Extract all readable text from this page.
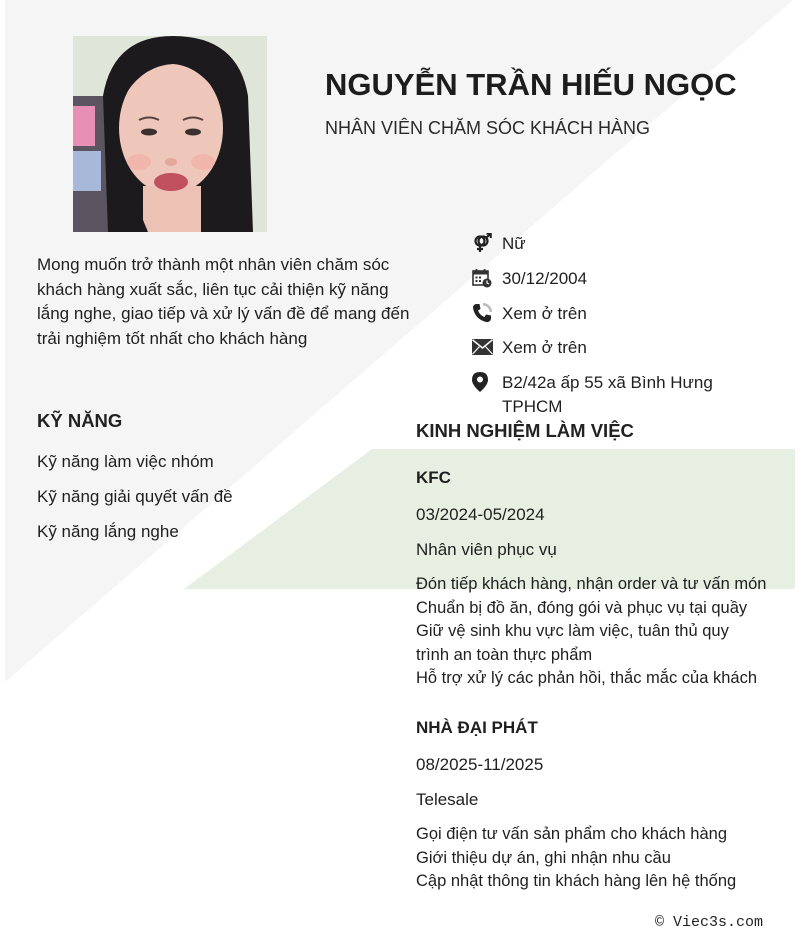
NGUYỄN TRẦN HIẾU NGỌC
NHÂN VIÊN CHĂM SÓC KHÁCH HÀNG
Mong muốn trở thành một nhân viên chăm sóc khách hàng xuất sắc, liên tục cải thiện kỹ năng lắng nghe, giao tiếp và xử lý vấn đề để mang đến trải nghiệm tốt nhất cho khách hàng
Nữ
30/12/2004
Xem ở trên
Xem ở trên
B2/42a ấp 55 xã Bình Hưng TPHCM
KỸ NĂNG
Kỹ năng làm việc nhóm
Kỹ năng giải quyết vấn đề
Kỹ năng lắng nghe
KINH NGHIỆM LÀM VIỆC
KFC
03/2024-05/2024
Nhân viên phục vụ
Đón tiếp khách hàng, nhận order và tư vấn món
Chuẩn bị đồ ăn, đóng gói và phục vụ tại quầy
Giữ vệ sinh khu vực làm việc, tuân thủ quy trình an toàn thực phẩm
Hỗ trợ xử lý các phản hồi, thắc mắc của khách
NHÀ ĐẠI PHÁT
08/2025-11/2025
Telesale
Gọi điện tư vấn sản phẩm cho khách hàng
Giới thiệu dự án, ghi nhận nhu cầu
Cập nhật thông tin khách hàng lên hệ thống
© Viec3s.com
